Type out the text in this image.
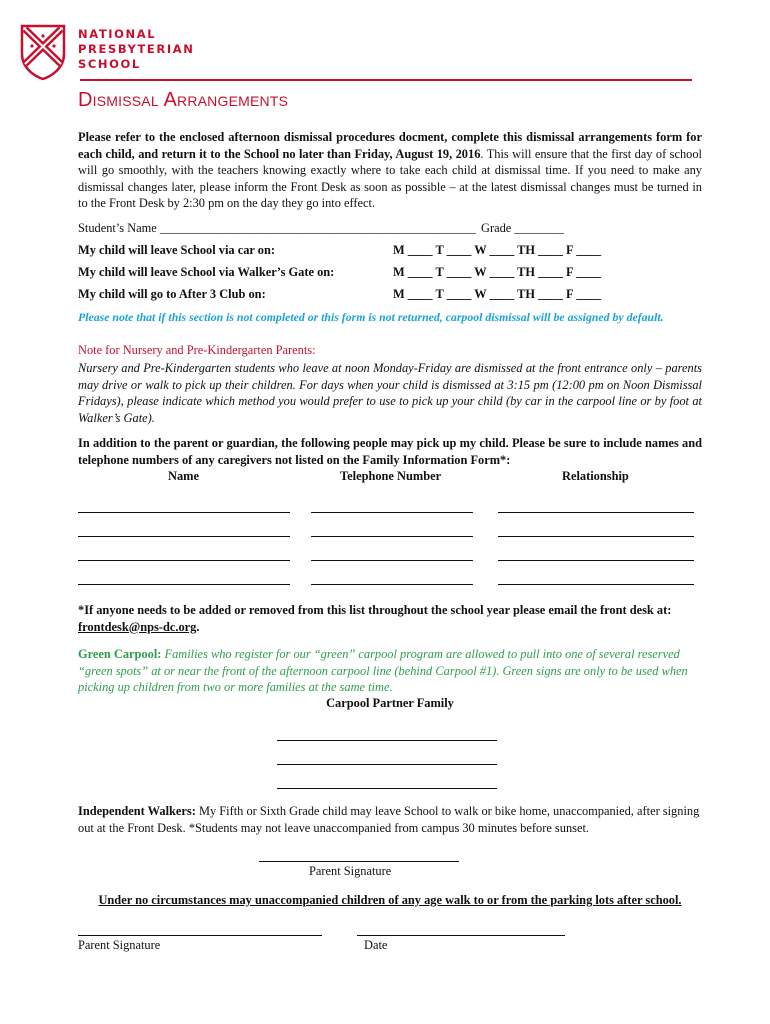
NATIONAL
PRESBYTERIAN
SCHOOL
Dismissal Arrangements
Please refer to the enclosed afternoon dismissal procedures docment, complete this dismissal arrangements form for each child, and return it to the School no later than Friday, August 19, 2016. This will ensure that the first day of school will go smoothly, with the teachers knowing exactly where to take each child at dismissal time. If you need to make any dismissal changes later, please inform the Front Desk as soon as possible – at the latest dismissal changes must be turned in to the Front Desk by 2:30 pm on the day they go into effect.
Student’s Name ___________________________________________________ Grade ________
My child will leave School via car on:	M ____ T ____ W ____ TH ____ F ____
My child will leave School via Walker’s Gate on:	M ____ T ____ W ____ TH ____ F ____
My child will go to After 3 Club on:	M ____ T ____ W ____ TH ____ F ____
Please note that if this section is not completed or this form is not returned, carpool dismissal will be assigned by default.
Note for Nursery and Pre-Kindergarten Parents:
Nursery and Pre-Kindergarten students who leave at noon Monday-Friday are dismissed at the front entrance only – parents may drive or walk to pick up their children. For days when your child is dismissed at 3:15 pm (12:00 pm on Noon Dismissal Fridays), please indicate which method you would prefer to use to pick up your child (by car in the carpool line or by foot at Walker’s Gate).
In addition to the parent or guardian, the following people may pick up my child. Please be sure to include names and telephone numbers of any caregivers not listed on the Family Information Form*:
Name	Telephone Number	Relationship
*If anyone needs to be added or removed from this list throughout the school year please email the front desk at: frontdesk@nps-dc.org.
Green Carpool: Families who register for our “green” carpool program are allowed to pull into one of several reserved “green spots” at or near the front of the afternoon carpool line (behind Carpool #1). Green signs are only to be used when picking up children from two or more families at the same time.
Carpool Partner Family
Independent Walkers: My Fifth or Sixth Grade child may leave School to walk or bike home, unaccompanied, after signing out at the Front Desk. *Students may not leave unaccompanied from campus 30 minutes before sunset.
Parent Signature
Under no circumstances may unaccompanied children of any age walk to or from the parking lots after school.
Parent Signature	Date
